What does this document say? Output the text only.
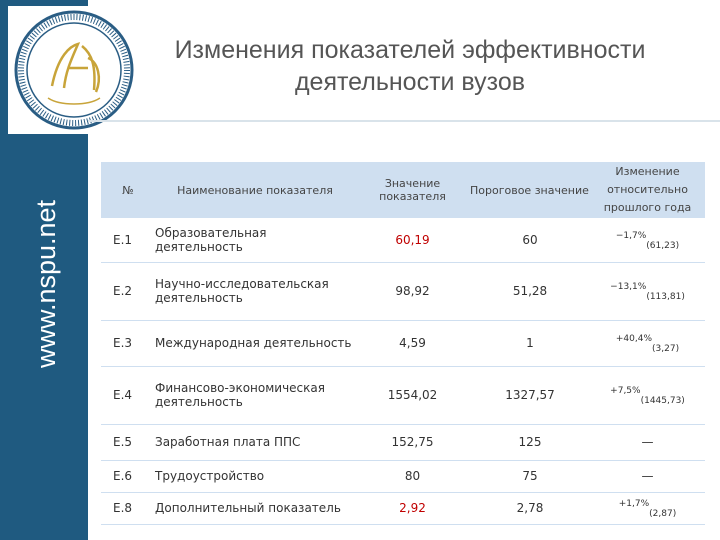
www.nspu.net
Изменения показателей эффективности
деятельности вузов
№	Наименование показателя	Значение показателя	Пороговое значение	Изменение относительно прошлого года
Е.1	Образовательная деятельность	60,19	60	$^{-1,7\%}_{(61,23)}$
Е.2	Научно-исследовательская деятельность	98,92	51,28	$^{-13,1\%}_{(113,81)}$
Е.3	Международная деятельность	4,59	1	$^{+40,4\%}_{(3,27)}$
Е.4	Финансово-экономическая деятельность	1554,02	1327,57	$^{+7,5\%}_{(1445,73)}$
Е.5	Заработная плата ППС	152,75	125	—
Е.6	Трудоустройство	80	75	—
Е.8	Дополнительный показатель	2,92	2,78	$^{+1,7\%}_{(2,87)}$
